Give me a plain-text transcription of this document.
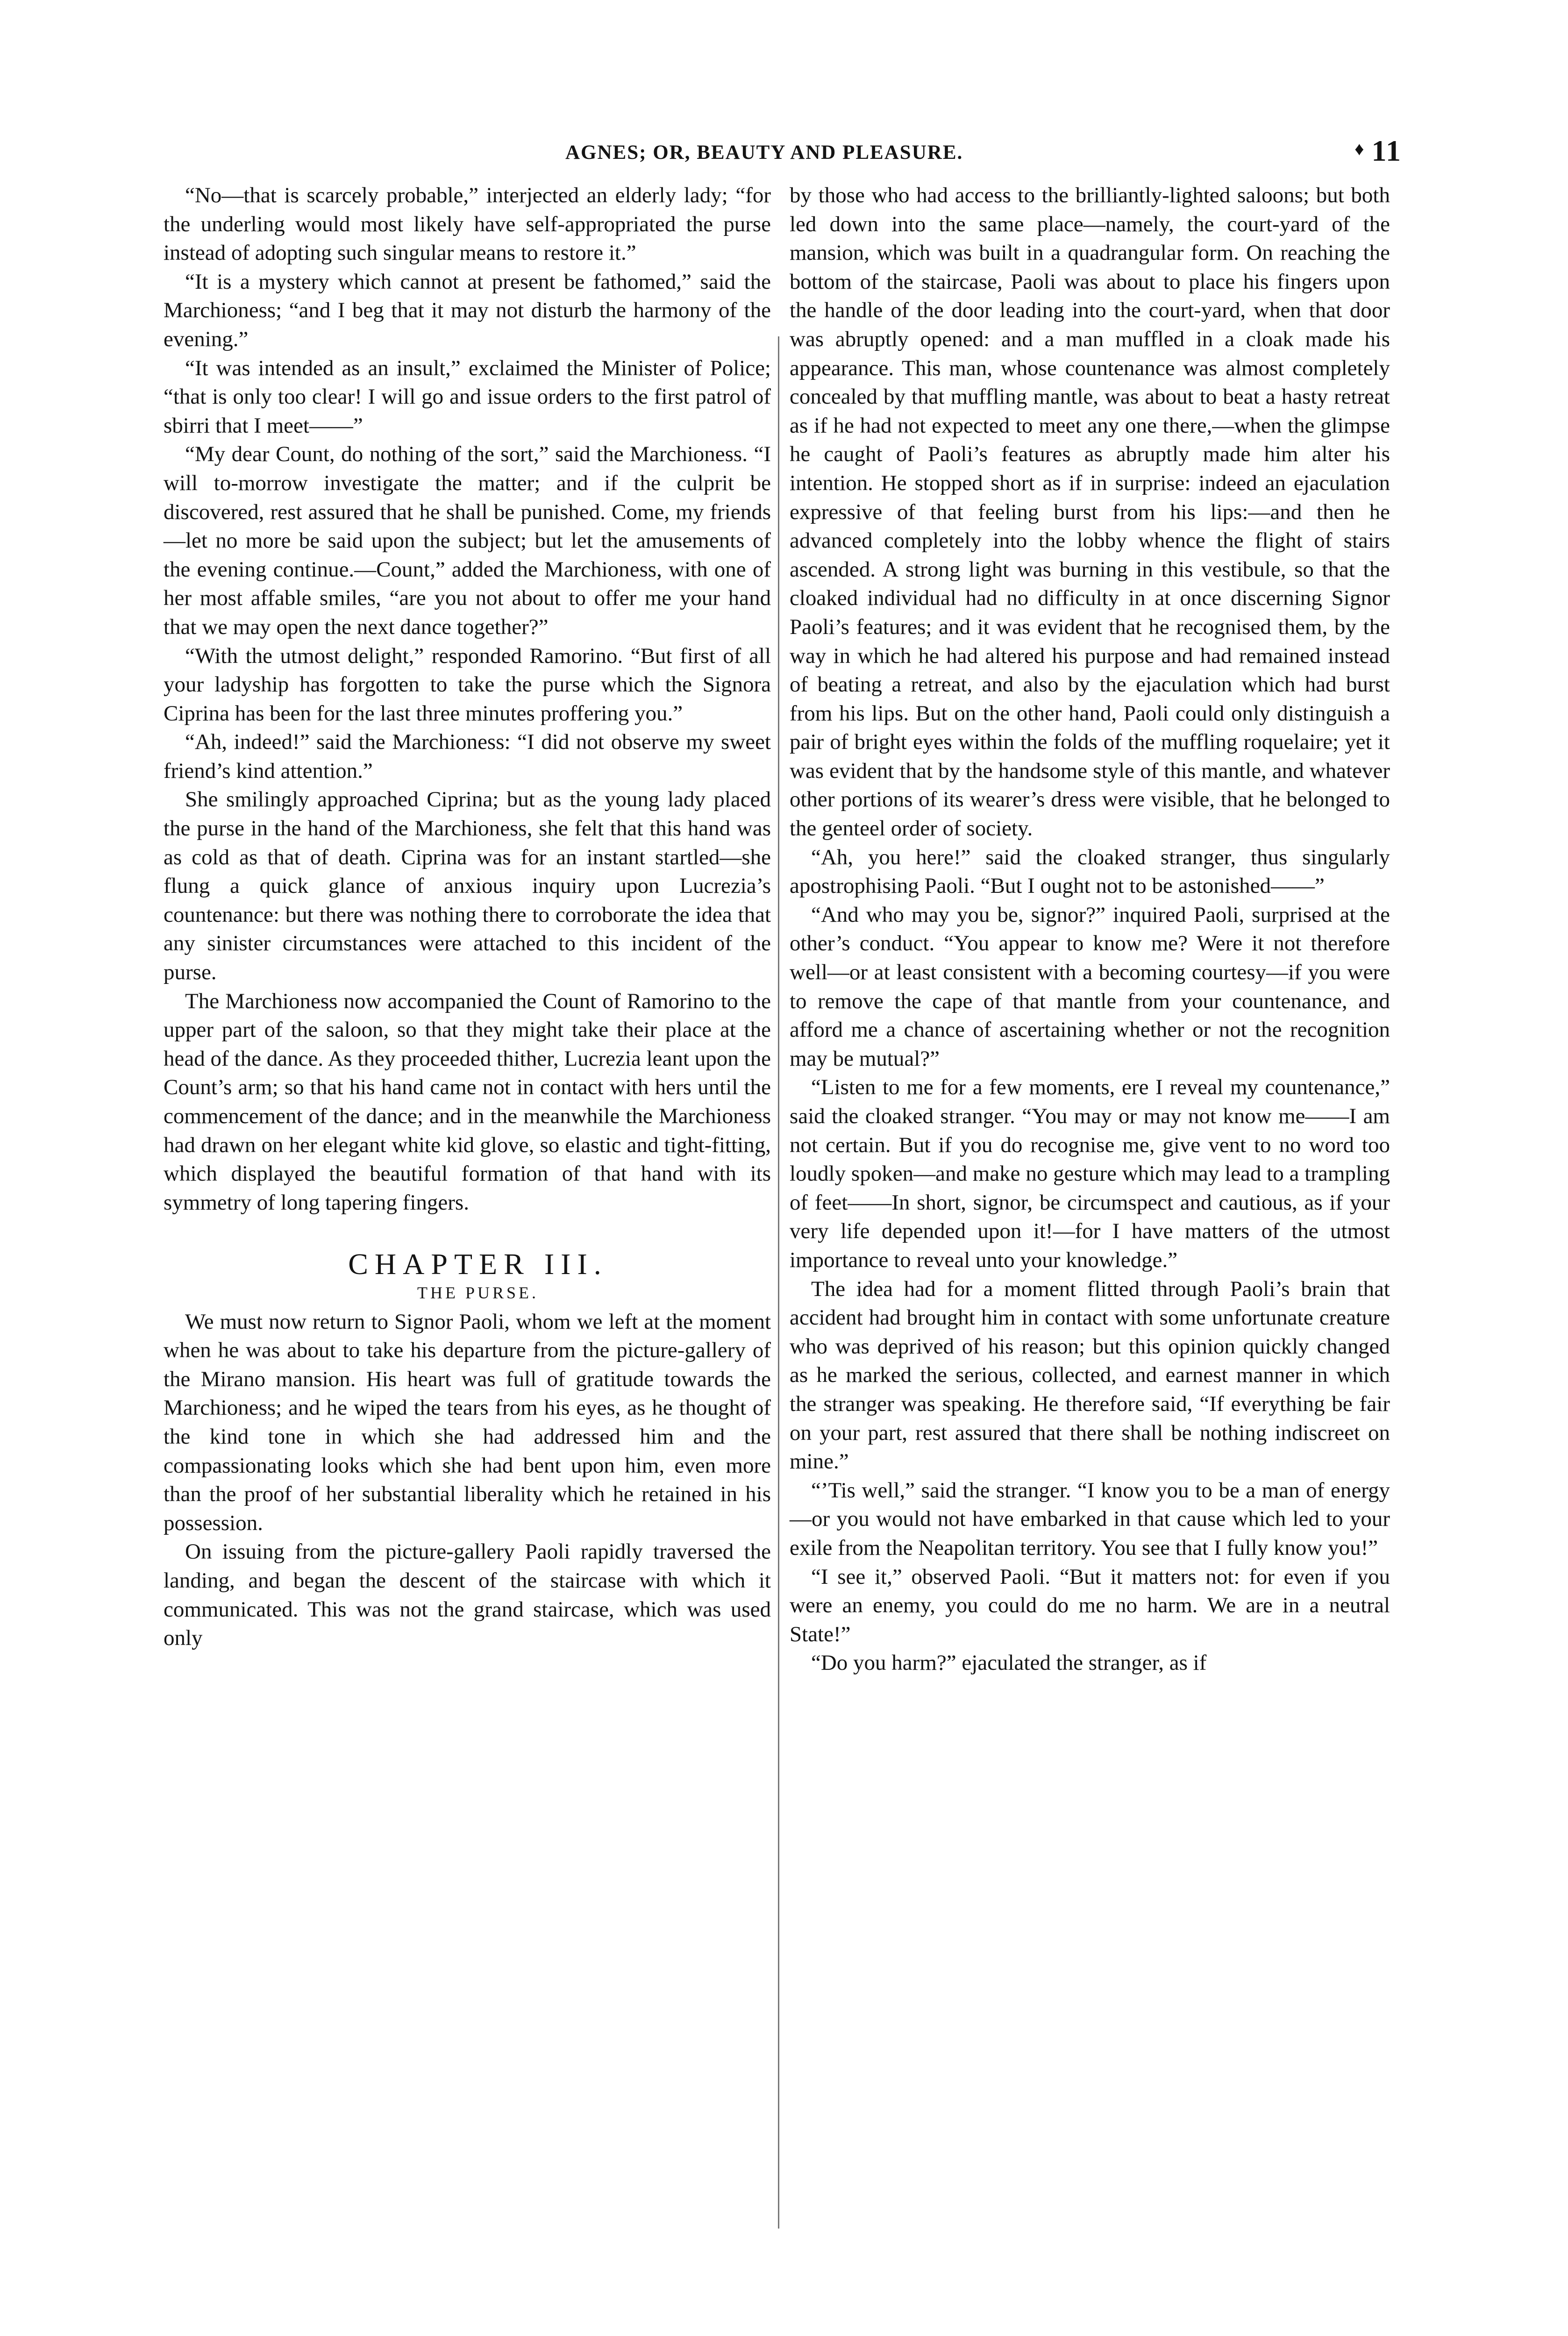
AGNES; OR, BEAUTY AND PLEASURE.	♦ 11

“No—that is scarcely probable,” interjected an elderly lady; “for the underling would most likely have self-appropriated the purse instead of adopting such singular means to restore it.”

“It is a mystery which cannot at present be fathomed,” said the Marchioness; “and I beg that it may not disturb the harmony of the evening.”

“It was intended as an insult,” exclaimed the Minister of Police; “that is only too clear! I will go and issue orders to the first patrol of sbirri that I meet——”

“My dear Count, do nothing of the sort,” said the Marchioness. “I will to-morrow investigate the matter; and if the culprit be discovered, rest assured that he shall be punished. Come, my friends—let no more be said upon the subject; but let the amusements of the evening continue.—Count,” added the Marchioness, with one of her most affable smiles, “are you not about to offer me your hand that we may open the next dance together?”

“With the utmost delight,” responded Ramorino. “But first of all your ladyship has forgotten to take the purse which the Signora Ciprina has been for the last three minutes proffering you.”

“Ah, indeed!” said the Marchioness: “I did not observe my sweet friend’s kind attention.”

She smilingly approached Ciprina; but as the young lady placed the purse in the hand of the Marchioness, she felt that this hand was as cold as that of death. Ciprina was for an instant startled—she flung a quick glance of anxious inquiry upon Lucrezia’s countenance: but there was nothing there to corroborate the idea that any sinister circumstances were attached to this incident of the purse.

The Marchioness now accompanied the Count of Ramorino to the upper part of the saloon, so that they might take their place at the head of the dance. As they proceeded thither, Lucrezia leant upon the Count’s arm; so that his hand came not in contact with hers until the commencement of the dance; and in the meanwhile the Marchioness had drawn on her elegant white kid glove, so elastic and tight-fitting, which displayed the beautiful formation of that hand with its symmetry of long tapering fingers.

CHAPTER III.

THE PURSE.

We must now return to Signor Paoli, whom we left at the moment when he was about to take his departure from the picture-gallery of the Mirano mansion. His heart was full of gratitude towards the Marchioness; and he wiped the tears from his eyes, as he thought of the kind tone in which she had addressed him and the compassionating looks which she had bent upon him, even more than the proof of her substantial liberality which he retained in his possession.

On issuing from the picture-gallery Paoli rapidly traversed the landing, and began the descent of the staircase with which it communicated. This was not the grand staircase, which was used only

by those who had access to the brilliantly-lighted saloons; but both led down into the same place—namely, the court-yard of the mansion, which was built in a quadrangular form. On reaching the bottom of the staircase, Paoli was about to place his fingers upon the handle of the door leading into the court-yard, when that door was abruptly opened: and a man muffled in a cloak made his appearance. This man, whose countenance was almost completely concealed by that muffling mantle, was about to beat a hasty retreat as if he had not expected to meet any one there,—when the glimpse he caught of Paoli’s features as abruptly made him alter his intention. He stopped short as if in surprise: indeed an ejaculation expressive of that feeling burst from his lips:—and then he advanced completely into the lobby whence the flight of stairs ascended. A strong light was burning in this vestibule, so that the cloaked individual had no difficulty in at once discerning Signor Paoli’s features; and it was evident that he recognised them, by the way in which he had altered his purpose and had remained instead of beating a retreat, and also by the ejaculation which had burst from his lips. But on the other hand, Paoli could only distinguish a pair of bright eyes within the folds of the muffling roquelaire; yet it was evident that by the handsome style of this mantle, and whatever other portions of its wearer’s dress were visible, that he belonged to the genteel order of society.

“Ah, you here!” said the cloaked stranger, thus singularly apostrophising Paoli. “But I ought not to be astonished——”

“And who may you be, signor?” inquired Paoli, surprised at the other’s conduct. “You appear to know me? Were it not therefore well—or at least consistent with a becoming courtesy—if you were to remove the cape of that mantle from your countenance, and afford me a chance of ascertaining whether or not the recognition may be mutual?”

“Listen to me for a few moments, ere I reveal my countenance,” said the cloaked stranger. “You may or may not know me——I am not certain. But if you do recognise me, give vent to no word too loudly spoken—and make no gesture which may lead to a trampling of feet——In short, signor, be circumspect and cautious, as if your very life depended upon it!—for I have matters of the utmost importance to reveal unto your knowledge.”

The idea had for a moment flitted through Paoli’s brain that accident had brought him in contact with some unfortunate creature who was deprived of his reason; but this opinion quickly changed as he marked the serious, collected, and earnest manner in which the stranger was speaking. He therefore said, “If everything be fair on your part, rest assured that there shall be nothing indiscreet on mine.”

“’Tis well,” said the stranger. “I know you to be a man of energy—or you would not have embarked in that cause which led to your exile from the Neapolitan territory. You see that I fully know you!”

“I see it,” observed Paoli. “But it matters not: for even if you were an enemy, you could do me no harm. We are in a neutral State!”

“Do you harm?” ejaculated the stranger, as if
